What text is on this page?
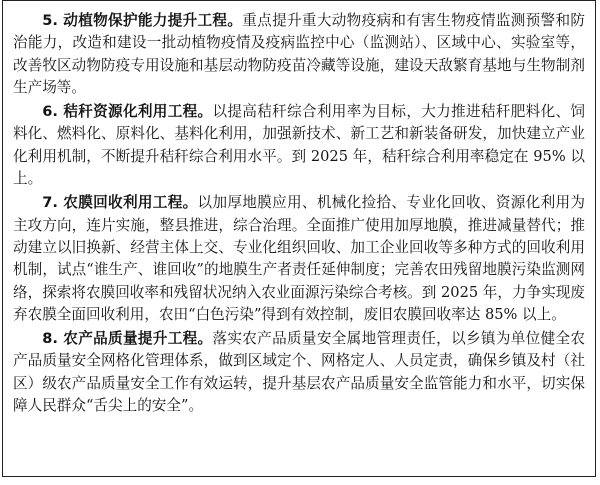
5. 动植物保护能力提升工程。重点提升重大动物疫病和有害生物疫情监测预警和防治能力，改造和建设一批动植物疫情及疫病监控中心（监测站）、区域中心、实验室等，改善牧区动物防疫专用设施和基层动物防疫苗冷藏等设施，建设天敌繁育基地与生物制剂生产场等。

6. 秸秆资源化利用工程。以提高秸秆综合利用率为目标，大力推进秸秆肥料化、饲料化、燃料化、原料化、基料化利用，加强新技术、新工艺和新装备研发，加快建立产业化利用机制，不断提升秸秆综合利用水平。到 2025 年，秸秆综合利用率稳定在 95% 以上。

7. 农膜回收利用工程。以加厚地膜应用、机械化捡拾、专业化回收、资源化利用为主攻方向，连片实施，整县推进，综合治理。全面推广使用加厚地膜，推进减量替代；推动建立以旧换新、经营主体上交、专业化组织回收、加工企业回收等多种方式的回收利用机制，试点“谁生产、谁回收”的地膜生产者责任延伸制度；完善农田残留地膜污染监测网络，探索将农膜回收率和残留状况纳入农业面源污染综合考核。到 2025 年，力争实现废弃农膜全面回收利用，农田“白色污染”得到有效控制，废旧农膜回收率达 85% 以上。

8. 农产品质量提升工程。落实农产品质量安全属地管理责任，以乡镇为单位健全农产品质量安全网格化管理体系，做到区域定个、网格定人、人员定责，确保乡镇及村（社区）级农产品质量安全工作有效运转，提升基层农产品质量安全监管能力和水平，切实保障人民群众“舌尖上的安全”。
